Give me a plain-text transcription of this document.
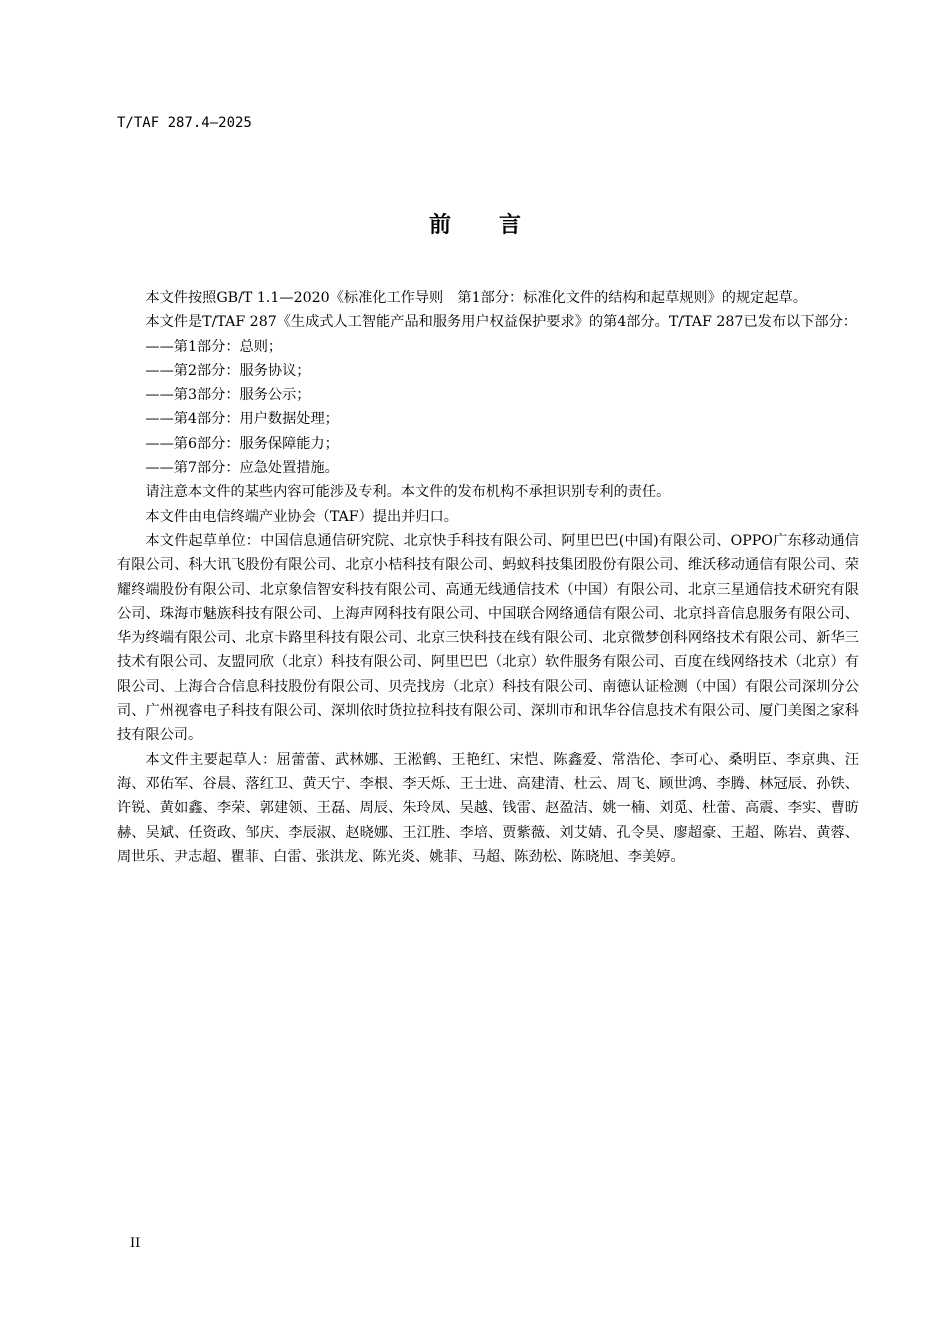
T/TAF 287.4—2025
前言

本文件按照GB/T 1.1—2020《标准化工作导则　第1部分：标准化文件的结构和起草规则》的规定起草。

本文件是T/TAF 287《生成式人工智能产品和服务用户权益保护要求》的第4部分。T/TAF 287已发布以下部分：

——第1部分：总则；

——第2部分：服务协议；

——第3部分：服务公示；

——第4部分：用户数据处理；

——第6部分：服务保障能力；

——第7部分：应急处置措施。

请注意本文件的某些内容可能涉及专利。本文件的发布机构不承担识别专利的责任。

本文件由电信终端产业协会（TAF）提出并归口。

本文件起草单位：中国信息通信研究院、北京快手科技有限公司、阿里巴巴(中国)有限公司、OPPO广东移动通信有限公司、科大讯飞股份有限公司、北京小桔科技有限公司、蚂蚁科技集团股份有限公司、维沃移动通信有限公司、荣耀终端股份有限公司、北京象信智安科技有限公司、高通无线通信技术（中国）有限公司、北京三星通信技术研究有限公司、珠海市魅族科技有限公司、上海声网科技有限公司、中国联合网络通信有限公司、北京抖音信息服务有限公司、华为终端有限公司、北京卡路里科技有限公司、北京三快科技在线有限公司、北京微梦创科网络技术有限公司、新华三技术有限公司、友盟同欣（北京）科技有限公司、阿里巴巴（北京）软件服务有限公司、百度在线网络技术（北京）有限公司、上海合合信息科技股份有限公司、贝壳找房（北京）科技有限公司、南德认证检测（中国）有限公司深圳分公司、广州视睿电子科技有限公司、深圳依时货拉拉科技有限公司、深圳市和讯华谷信息技术有限公司、厦门美图之家科技有限公司。

本文件主要起草人：屈蕾蕾、武林娜、王淞鹤、王艳红、宋恺、陈鑫爱、常浩伦、李可心、桑明臣、李京典、汪海、邓佑军、谷晨、落红卫、黄天宁、李根、李天烁、王士进、高建清、杜云、周飞、顾世鸿、李腾、林冠辰、孙铁、许锐、黄如鑫、李荣、郭建领、王磊、周辰、朱玲凤、吴越、钱雷、赵盈洁、姚一楠、刘觅、杜蕾、高震、李实、曹昉赫、吴斌、任资政、邹庆、李辰淑、赵晓娜、王江胜、李培、贾紫薇、刘艾婧、孔令昊、廖超豪、王超、陈岩、黄蓉、周世乐、尹志超、瞿菲、白雷、张洪龙、陈光炎、姚菲、马超、陈劲松、陈晓旭、李美婷。

II
